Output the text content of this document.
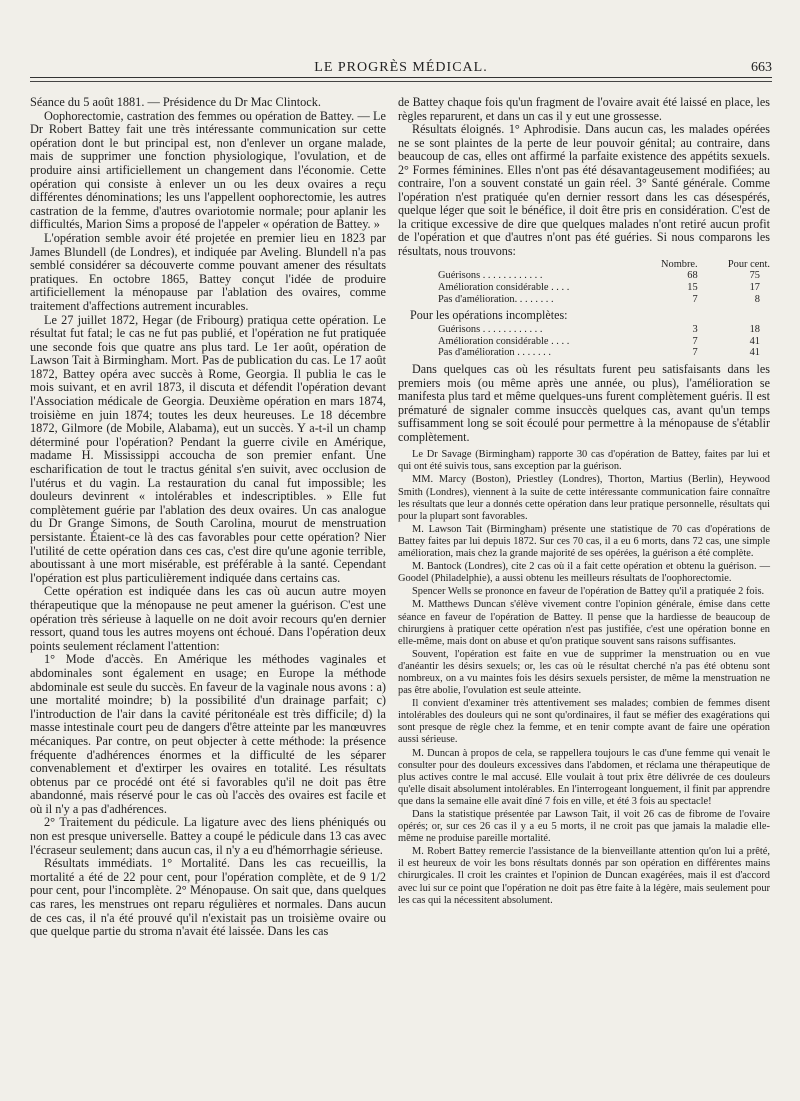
LE PROGRÈS MÉDICAL.	663

Séance du 5 août 1881. — Présidence du Dr Mac Clintock.

Oophorectomie, castration des femmes ou opération de Battey. — Le Dr Robert Battey fait une très intéressante communication sur cette opération dont le but principal est, non d'enlever un organe malade, mais de supprimer une fonction physiologique, l'ovulation, et de produire ainsi artificiellement un changement dans l'économie. Cette opération qui consiste à enlever un ou les deux ovaires a reçu différentes dénominations; les uns l'appellent oophorectomie, les autres castration de la femme, d'autres ovariotomie normale; pour aplanir les difficultés, Marion Sims a proposé de l'appeler « opération de Battey. »

L'opération semble avoir été projetée en premier lieu en 1823 par James Blundell (de Londres), et indiquée par Aveling. Blundell n'a pas semblé considérer sa découverte comme pouvant amener des résultats pratiques. En octobre 1865, Battey conçut l'idée de produire artificiellement la ménopause par l'ablation des ovaires, comme traitement d'affections autrement incurables.

Le 27 juillet 1872, Hegar (de Fribourg) pratiqua cette opération. Le résultat fut fatal; le cas ne fut pas publié, et l'opération ne fut pratiquée une seconde fois que quatre ans plus tard. Le 1er août, opération de Lawson Tait à Birmingham. Mort. Pas de publication du cas. Le 17 août 1872, Battey opéra avec succès à Rome, Georgia. Il publia le cas le mois suivant, et en avril 1873, il discuta et défendit l'opération devant l'Association médicale de Georgia. Deuxième opération en mars 1874, troisième en juin 1874; toutes les deux heureuses. Le 18 décembre 1872, Gilmore (de Mobile, Alabama), eut un succès. Y a-t-il un champ déterminé pour l'opération? Pendant la guerre civile en Amérique, madame H. Mississippi accoucha de son premier enfant. Une escharification de tout le tractus génital s'en suivit, avec occlusion de l'utérus et du vagin. La restauration du canal fut impossible; les douleurs devinrent « intolérables et indescriptibles. » Elle fut complètement guérie par l'ablation des deux ovaires. Un cas analogue du Dr Grange Simons, de South Carolina, mourut de menstruation persistante. Étaient-ce là des cas favorables pour cette opération? Nier l'utilité de cette opération dans ces cas, c'est dire qu'une agonie terrible, aboutissant à une mort misérable, est préférable à la santé. Cependant l'opération est plus particulièrement indiquée dans certains cas.

Cette opération est indiquée dans les cas où aucun autre moyen thérapeutique que la ménopause ne peut amener la guérison. C'est une opération très sérieuse à laquelle on ne doit avoir recours qu'en dernier ressort, quand tous les autres moyens ont échoué. Dans l'opération deux points seulement réclament l'attention:

1° Mode d'accès. En Amérique les méthodes vaginales et abdominales sont également en usage; en Europe la méthode abdominale est seule du succès. En faveur de la vaginale nous avons : a) une mortalité moindre; b) la possibilité d'un drainage parfait; c) l'introduction de l'air dans la cavité péritonéale est très difficile; d) la masse intestinale court peu de dangers d'être atteinte par les manœuvres mécaniques. Par contre, on peut objecter à cette méthode: la présence fréquente d'adhérences énormes et la difficulté de les séparer convenablement et d'extirper les ovaires en totalité. Les résultats obtenus par ce procédé ont été si favorables qu'il ne doit pas être abandonné, mais réservé pour le cas où l'accès des ovaires est facile et où il n'y a pas d'adhérences.

2° Traitement du pédicule. La ligature avec des liens phéniqués ou non est presque universelle. Battey a coupé le pédicule dans 13 cas avec l'écraseur seulement; dans aucun cas, il n'y a eu d'hémorrhagie sérieuse.

Résultats immédiats. 1° Mortalité. Dans les cas recueillis, la mortalité a été de 22 pour cent, pour l'opération complète, et de 9 1/2 pour cent, pour l'incomplète. 2° Ménopause. On sait que, dans quelques cas rares, les menstrues ont reparu régulières et normales. Dans aucun de ces cas, il n'a été prouvé qu'il n'existait pas un troisième ovaire ou que quelque partie du stroma n'avait été laissée. Dans les cas

de Battey chaque fois qu'un fragment de l'ovaire avait été laissé en place, les règles reparurent, et dans un cas il y eut une grossesse.

Résultats éloignés. 1° Aphrodisie. Dans aucun cas, les malades opérées ne se sont plaintes de la perte de leur pouvoir génital; au contraire, dans beaucoup de cas, elles ont affirmé la parfaite existence des appétits sexuels. 2° Formes féminines. Elles n'ont pas été désavantageusement modifiées; au contraire, l'on a souvent constaté un gain réel. 3° Santé générale. Comme l'opération n'est pratiquée qu'en dernier ressort dans les cas désespérés, quelque léger que soit le bénéfice, il doit être pris en considération. C'est de la critique excessive de dire que quelques malades n'ont retiré aucun profit de l'opération et que d'autres n'ont pas été guéries. Si nous comparons les résultats, nous trouvons:

	Nombre.	Pour cent.
Guérisons . . . . . . . . . . . .	68	75
Amélioration considérable . . . .	15	17
Pas d'amélioration. . . . . . . .	7	8
Pour les opérations incomplètes:
Guérisons . . . . . . . . . . . .	3	18
Amélioration considérable . . . .	7	41
Pas d'amélioration . . . . . . .	7	41

Dans quelques cas où les résultats furent peu satisfaisants dans les premiers mois (ou même après une année, ou plus), l'amélioration se manifesta plus tard et même quelques-uns furent complètement guéris. Il est prématuré de signaler comme insuccès quelques cas, avant qu'un temps suffisamment long se soit écoulé pour permettre à la ménopause de s'établir complètement.

Le Dr Savage (Birmingham) rapporte 30 cas d'opération de Battey, faites par lui et qui ont été suivis tous, sans exception par la guérison.

MM. Marcy (Boston), Priestley (Londres), Thorton, Martius (Berlin), Heywood Smith (Londres), viennent à la suite de cette intéressante communication faire connaître les résultats que leur a donnés cette opération dans leur pratique personnelle, résultats qui pour la plupart sont favorables.

M. Lawson Tait (Birmingham) présente une statistique de 70 cas d'opérations de Battey faites par lui depuis 1872. Sur ces 70 cas, il a eu 6 morts, dans 72 cas, une simple amélioration, mais chez la grande majorité de ses opérées, la guérison a été complète.

M. Bantock (Londres), cite 2 cas où il a fait cette opération et obtenu la guérison. — Goodel (Philadelphie), a aussi obtenu les meilleurs résultats de l'oophorectomie.

Spencer Wells se prononce en faveur de l'opération de Battey qu'il a pratiquée 2 fois.

M. Matthews Duncan s'élève vivement contre l'opinion générale, émise dans cette séance en faveur de l'opération de Battey. Il pense que la hardiesse de beaucoup de chirurgiens à pratiquer cette opération n'est pas justifiée, c'est une opération bonne en elle-même, mais dont on abuse et qu'on pratique souvent sans raisons suffisantes.

Souvent, l'opération est faite en vue de supprimer la menstruation ou en vue d'anéantir les désirs sexuels; or, les cas où le résultat cherché n'a pas été obtenu sont nombreux, on a vu maintes fois les désirs sexuels persister, de même la menstruation ne pas être abolie, l'ovulation est seule atteinte.

Il convient d'examiner très attentivement ses malades; combien de femmes disent intolérables des douleurs qui ne sont qu'ordinaires, il faut se méfier des exagérations qui sont presque de règle chez la femme, et en tenir compte avant de faire une opération aussi sérieuse.

M. Duncan à propos de cela, se rappellera toujours le cas d'une femme qui venait le consulter pour des douleurs excessives dans l'abdomen, et réclama une thérapeutique de plus actives contre le mal accusé. Elle voulait à tout prix être délivrée de ces douleurs qu'elle disait absolument intolérables. En l'interrogeant longuement, il finit par apprendre que dans la semaine elle avait dîné 7 fois en ville, et été 3 fois au spectacle!

Dans la statistique présentée par Lawson Tait, il voit 26 cas de fibrome de l'ovaire opérés; or, sur ces 26 cas il y a eu 5 morts, il ne croit pas que jamais la maladie elle-même ne produise pareille mortalité.

M. Robert Battey remercie l'assistance de la bienveillante attention qu'on lui a prêté, il est heureux de voir les bons résultats donnés par son opération en différentes mains chirurgicales. Il croit les craintes et l'opinion de Duncan exagérées, mais il est d'accord avec lui sur ce point que l'opération ne doit pas être faite à la légère, mais seulement pour les cas qui la nécessitent absolument.
